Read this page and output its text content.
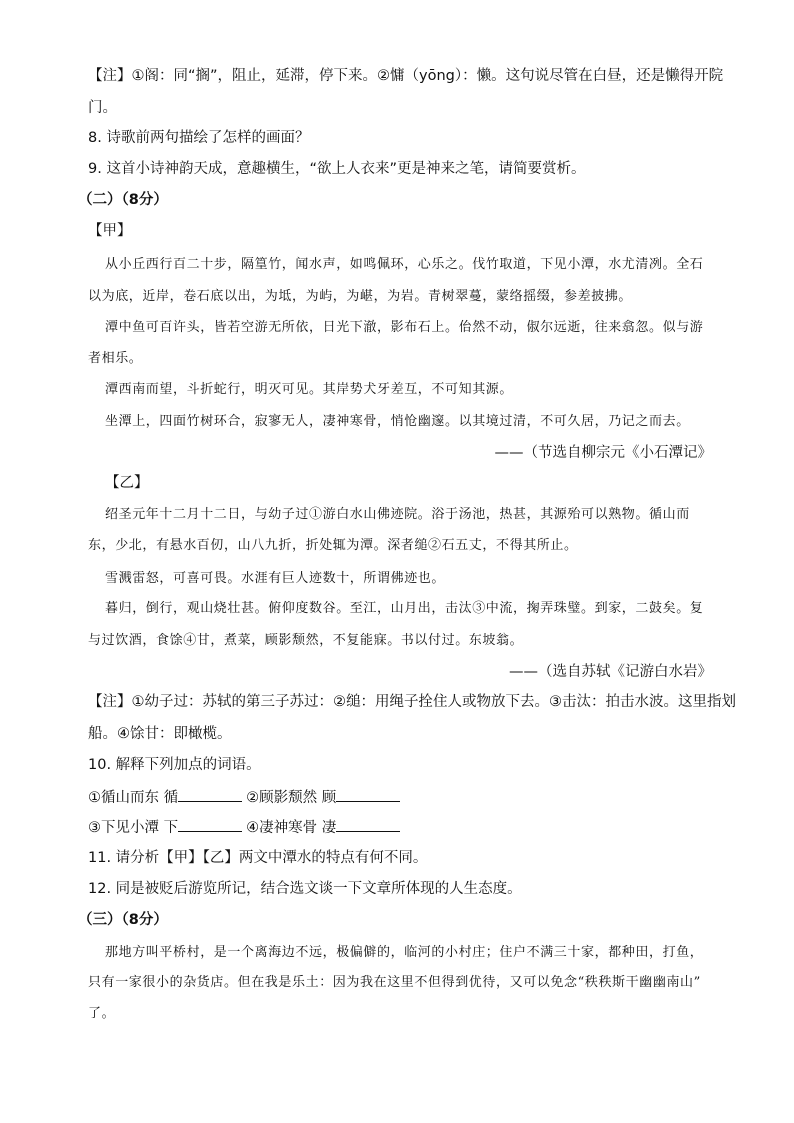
【注】①阁：同“搁”，阻止，延滞，停下来。②慵（yōng）：懒。这句说尽管在白昼，还是懒得开院
门。
8. 诗歌前两句描绘了怎样的画面？
9. 这首小诗神韵天成，意趣横生，“欲上人衣来”更是神来之笔，请简要赏析。
（二）（8分）
【甲】
从小丘西行百二十步，隔篁竹，闻水声，如鸣佩环，心乐之。伐竹取道，下见小潭，水尤清冽。全石
以为底，近岸，卷石底以出，为坻，为屿，为嵁，为岩。青树翠蔓，蒙络摇缀，参差披拂。
潭中鱼可百许头，皆若空游无所依，日光下澈，影布石上。佁然不动，俶尔远逝，往来翕忽。似与游
者相乐。
潭西南而望，斗折蛇行，明灭可见。其岸势犬牙差互，不可知其源。
坐潭上，四面竹树环合，寂寥无人，凄神寒骨，悄怆幽邃。以其境过清，不可久居，乃记之而去。
——（节选自柳宗元《小石潭记》
【乙】
绍圣元年十二月十二日，与幼子过①游白水山佛迹院。浴于汤池，热甚，其源殆可以熟物。循山而
东，少北，有悬水百仞，山八九折，折处辄为潭。深者缒②石五丈，不得其所止。
雪溅雷怒，可喜可畏。水涯有巨人迹数十，所谓佛迹也。
暮归，倒行，观山烧壮甚。俯仰度数谷。至江，山月出，击汰③中流，掬弄珠璧。到家，二鼓矣。复
与过饮酒，食馀④甘，煮菜，顾影颓然，不复能寐。书以付过。东坡翁。
——（选自苏轼《记游白水岩》
【注】①幼子过：苏轼的第三子苏过：②缒：用绳子拴住人或物放下去。③击汰：拍击水波。这里指划
船。④馀甘：即橄榄。
10. 解释下列加点的词语。
①循山而东 循	②顾影颓然 顾
③下见小潭 下	④凄神寒骨 凄
11. 请分析【甲】【乙】两文中潭水的特点有何不同。
12. 同是被贬后游览所记，结合选文谈一下文章所体现的人生态度。
（三）（8分）
那地方叫平桥村，是一个离海边不远，极偏僻的，临河的小村庄；住户不满三十家，都种田，打鱼，
只有一家很小的杂货店。但在我是乐土：因为我在这里不但得到优待，又可以免念“秩秩斯干幽幽南山”
了。
